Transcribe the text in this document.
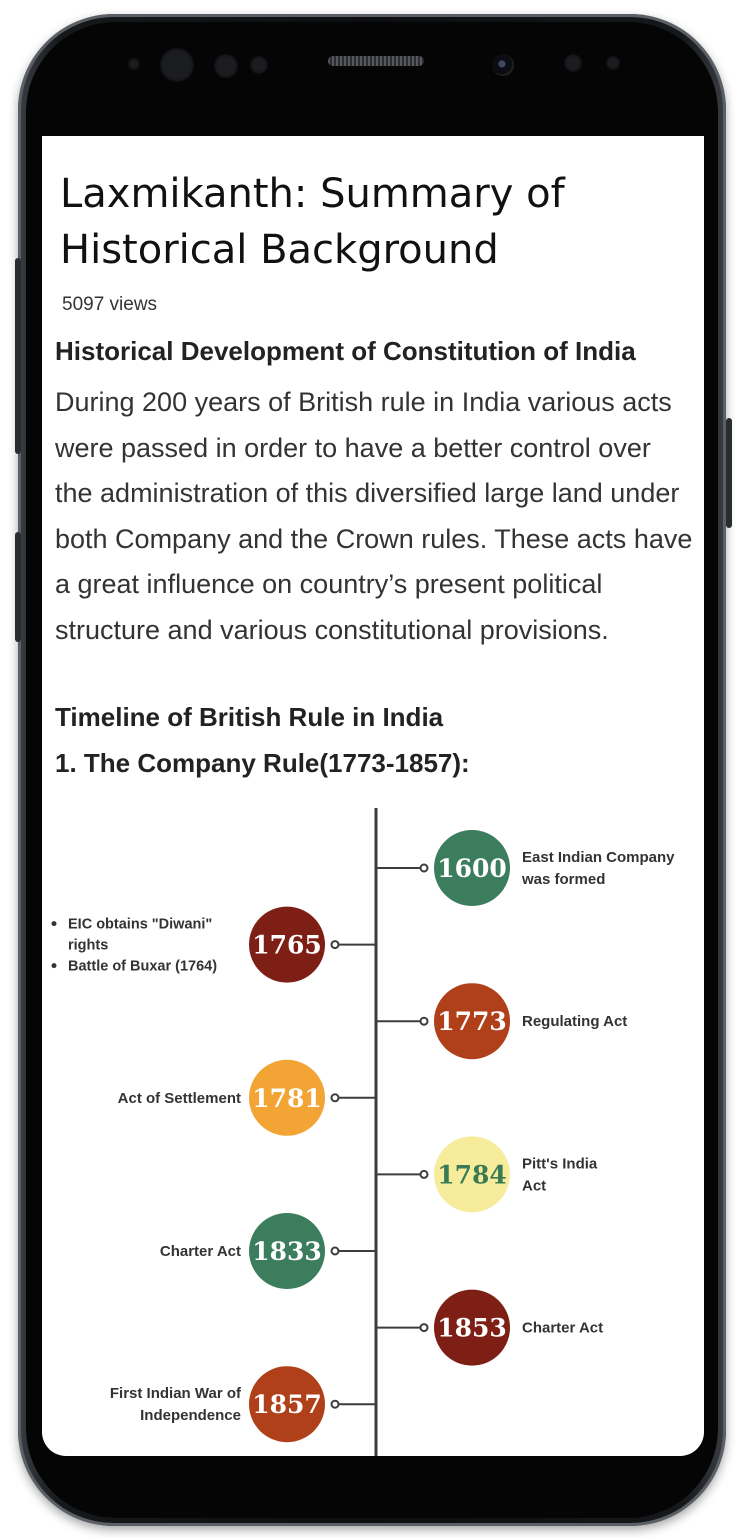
Laxmikanth: Summary of Historical Background
5097 views
Historical Development of Constitution of India

During 200 years of British rule in India various acts were passed in order to have a better control over the administration of this diversified large land under both Company and the Crown rules. These acts have a great influence on country’s present political structure and various constitutional provisions.

Timeline of British Rule in India
1. The Company Rule(1773-1857):
1600 East Indian Company
was formed
1765
EIC obtains "Diwani"
rights
Battle of Buxar (1764)
1773 Regulating Act
1781
Act of Settlement
1784 Pitt's India
Act
1833
Charter Act
1853 Charter Act
1857
First Indian War of
Independence
